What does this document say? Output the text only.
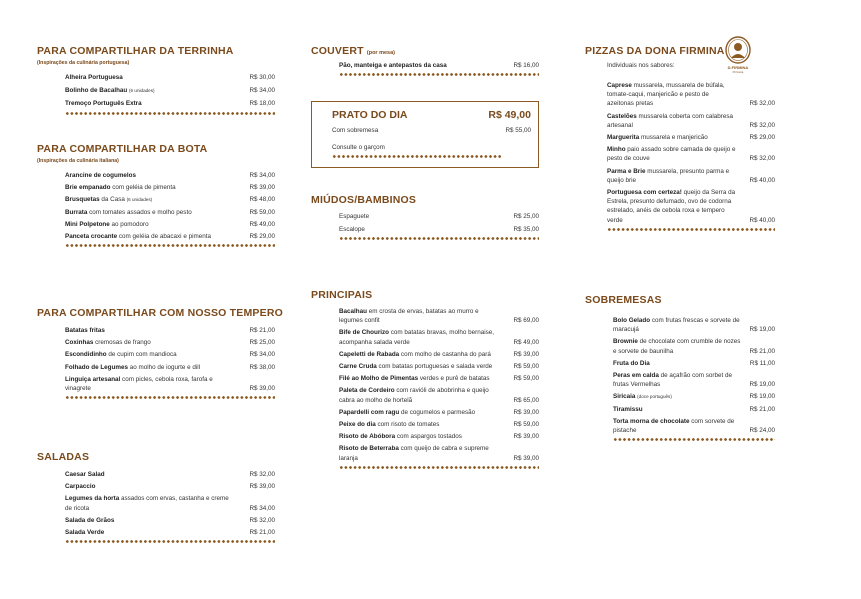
PARA COMPARTILHAR DA TERRINHA
(Inspirações da culinária portuguesa)
Alheira Portuguesa	R$ 30,00
Bolinho de Bacalhau (6 unidades)	R$ 34,00
Tremoço Português Extra	R$ 18,00
PARA COMPARTILHAR DA BOTA
(Inspirações da culinária italiana)
Arancine de cogumelos	R$ 34,00
Brie empanado com geléia de pimenta	R$ 39,00
Brusquetas da Casa (6 unidades)	R$ 48,00
Burrata com tomates assados e molho pesto	R$ 59,00
Mini Polpetone ao pomodoro	R$ 49,00
Panceta crocante com geléia de abacaxi e pimenta	R$ 29,00
PARA COMPARTILHAR COM NOSSO TEMPERO
Batatas fritas	R$ 21,00
Coxinhas cremosas de frango	R$ 25,00
Escondidinho de cupim com mandioca	R$ 34,00
Folhado de Legumes ao molho de iogurte e dill	R$ 38,00
Linguiça artesanal com picles, cebola roxa, farofa e vinagrete	R$ 39,00
SALADAS
Caesar Salad	R$ 32,00
Carpaccio	R$ 39,00
Legumes da horta assados com ervas, castanha e creme de ricota	R$ 34,00
Salada de Grãos	R$ 32,00
Salada Verde	R$ 21,00
COUVERT (por mesa)
Pão, manteiga e antepastos da casa	R$ 16,00
PRATO DO DIA	R$ 49,00
Com sobremesa	R$ 55,00
Consulte o garçom
MIÚDOS/BAMBINOS
Espaguete	R$ 25,00
Escalope	R$ 35,00
PRINCIPAIS
Bacalhau em crosta de ervas, batatas ao murro e legumes confit	R$ 69,00
Bife de Chourizo com batatas bravas, molho bernaise, acompanha salada verde	R$ 49,00
Capeletti de Rabada com molho de castanha do pará	R$ 39,00
Carne Cruda com batatas portuguesas e salada verde	R$ 59,00
Filé ao Molho de Pimentas verdes e purê de batatas	R$ 59,00
Paleta de Cordeiro com ravióli de abobrinha e queijo cabra ao molho de hortelã	R$ 65,00
Papardelli com ragu de cogumelos e parmesão	R$ 39,00
Peixe do dia com risoto de tomates	R$ 59,00
Risoto de Abóbora com aspargos tostados	R$ 39,00
Risoto de Beterraba com queijo de cabra e supreme laranja	R$ 39,00
PIZZAS DA DONA FIRMINA
Individuais nos sabores:
Caprese mussarela, mussarela de búfala, tomate-caqui, manjericão e pesto de azeitonas pretas	R$ 32,00
Castelões mussarela coberta com calabresa artesanal	R$ 32,00
Marguerita mussarela e manjericão	R$ 29,00
Minho paio assado sobre camada de queijo e pesto de couve	R$ 32,00
Parma e Brie mussarela, presunto parma e queijo brie	R$ 40,00
Portuguesa com certeza! queijo da Serra da Estrela, presunto defumado, ovo de codorna estrelado, anéis de cebola roxa e tempero verde	R$ 40,00
SOBREMESAS
Bolo Gelado com frutas frescas e sorvete de maracujá	R$ 19,00
Brownie de chocolate com crumble de nozes e sorvete de baunilha	R$ 21,00
Fruta do Dia	R$ 11,00
Peras em calda de açafrão com sorbet de frutas Vermelhas	R$ 19,00
Siricaia (doce português)	R$ 19,00
Tiramissu	R$ 21,00
Torta morna de chocolate com sorvete de pistache	R$ 24,00
D.FIRMINA
Pizzaria
